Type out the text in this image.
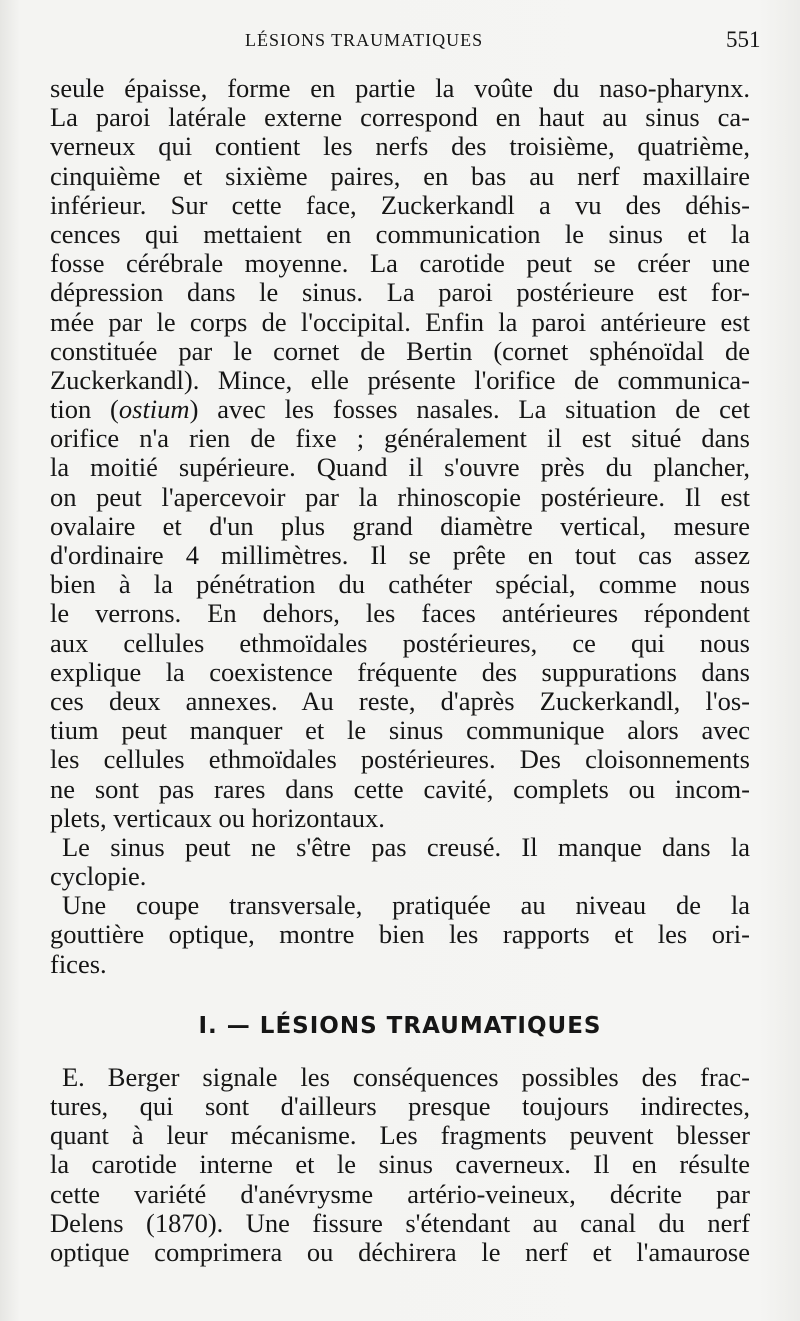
LÉSIONS TRAUMATIQUES	551
seule épaisse, forme en partie la voûte du naso-pharynx.
La paroi latérale externe correspond en haut au sinus ca-
verneux qui contient les nerfs des troisième, quatrième,
cinquième et sixième paires, en bas au nerf maxillaire
inférieur. Sur cette face, Zuckerkandl a vu des déhis-
cences qui mettaient en communication le sinus et la
fosse cérébrale moyenne. La carotide peut se créer une
dépression dans le sinus. La paroi postérieure est for-
mée par le corps de l'occipital. Enfin la paroi antérieure est
constituée par le cornet de Bertin (cornet sphénoïdal de
Zuckerkandl). Mince, elle présente l'orifice de communica-
tion (ostium) avec les fosses nasales. La situation de cet
orifice n'a rien de fixe ; généralement il est situé dans
la moitié supérieure. Quand il s'ouvre près du plancher,
on peut l'apercevoir par la rhinoscopie postérieure. Il est
ovalaire et d'un plus grand diamètre vertical, mesure
d'ordinaire 4 millimètres. Il se prête en tout cas assez
bien à la pénétration du cathéter spécial, comme nous
le verrons. En dehors, les faces antérieures répondent
aux cellules ethmoïdales postérieures, ce qui nous
explique la coexistence fréquente des suppurations dans
ces deux annexes. Au reste, d'après Zuckerkandl, l'os-
tium peut manquer et le sinus communique alors avec
les cellules ethmoïdales postérieures. Des cloisonnements
ne sont pas rares dans cette cavité, complets ou incom-
plets, verticaux ou horizontaux.
Le sinus peut ne s'être pas creusé. Il manque dans la
cyclopie.
Une coupe transversale, pratiquée au niveau de la
gouttière optique, montre bien les rapports et les ori-
fices.
I. — LÉSIONS TRAUMATIQUES
E. Berger signale les conséquences possibles des frac-
tures, qui sont d'ailleurs presque toujours indirectes,
quant à leur mécanisme. Les fragments peuvent blesser
la carotide interne et le sinus caverneux. Il en résulte
cette variété d'anévrysme artério-veineux, décrite par
Delens (1870). Une fissure s'étendant au canal du nerf
optique comprimera ou déchirera le nerf et l'amaurose
